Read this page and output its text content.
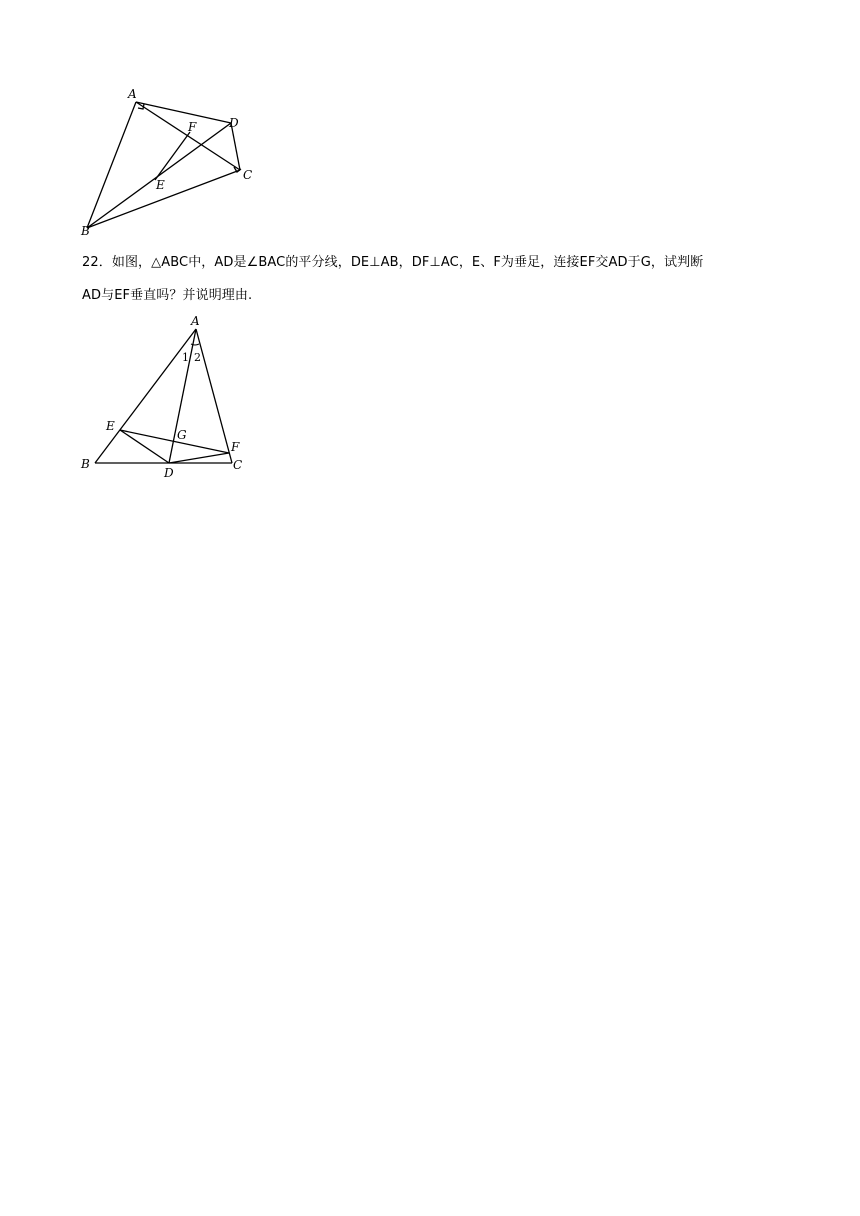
A
B
C
D
E
F
22．如图，△ABC中，AD是∠BAC的平分线，DE⊥AB，DF⊥AC，E、F为垂足，连接EF交AD于G，试判断
AD与EF垂直吗？并说明理由.
A
B	C
D
E
F
G
1 2
